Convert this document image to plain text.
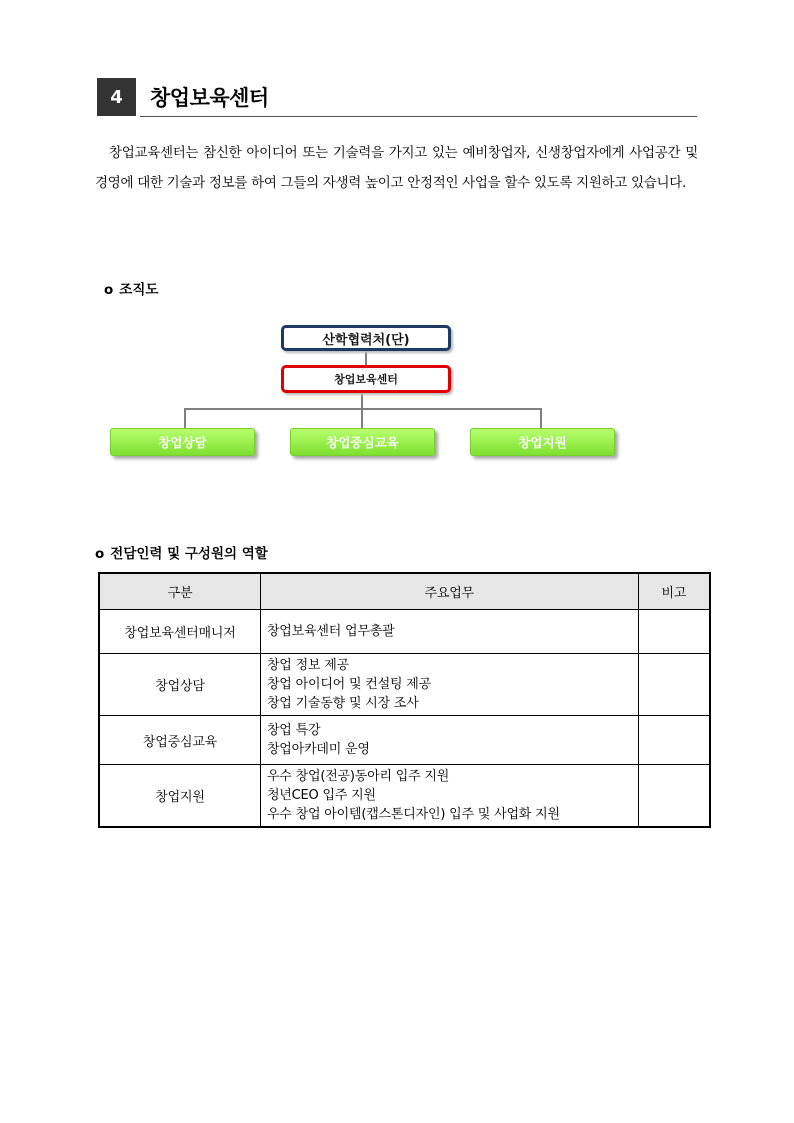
4	창업보육센터
창업교육센터는 참신한 아이디어 또는 기술력을 가지고 있는 예비창업자, 신생창업자에게 사업공간 및 경영에 대한 기술과 정보를 하여 그들의 자생력 높이고 안정적인 사업을 할수 있도록 지원하고 있습니다.
o 조직도
산학협력처(단)
창업보육센터
창업상담	창업중심교육	창업지원
o 전담인력 및 구성원의 역할
구분	주요업무	비고
창업보육센터매니저	창업보육센터 업무총괄	

창업상담	창업 정보 제공
창업 아이디어 및 컨설팅 제공
창업 기술동향 및 시장 조사	

창업중심교육	창업 특강
창업아카데미 운영	

창업지원	우수 창업(전공)동아리 입주 지원
청년CEO 입주 지원
우수 창업 아이템(캡스톤디자인) 입주 및 사업화 지원	
